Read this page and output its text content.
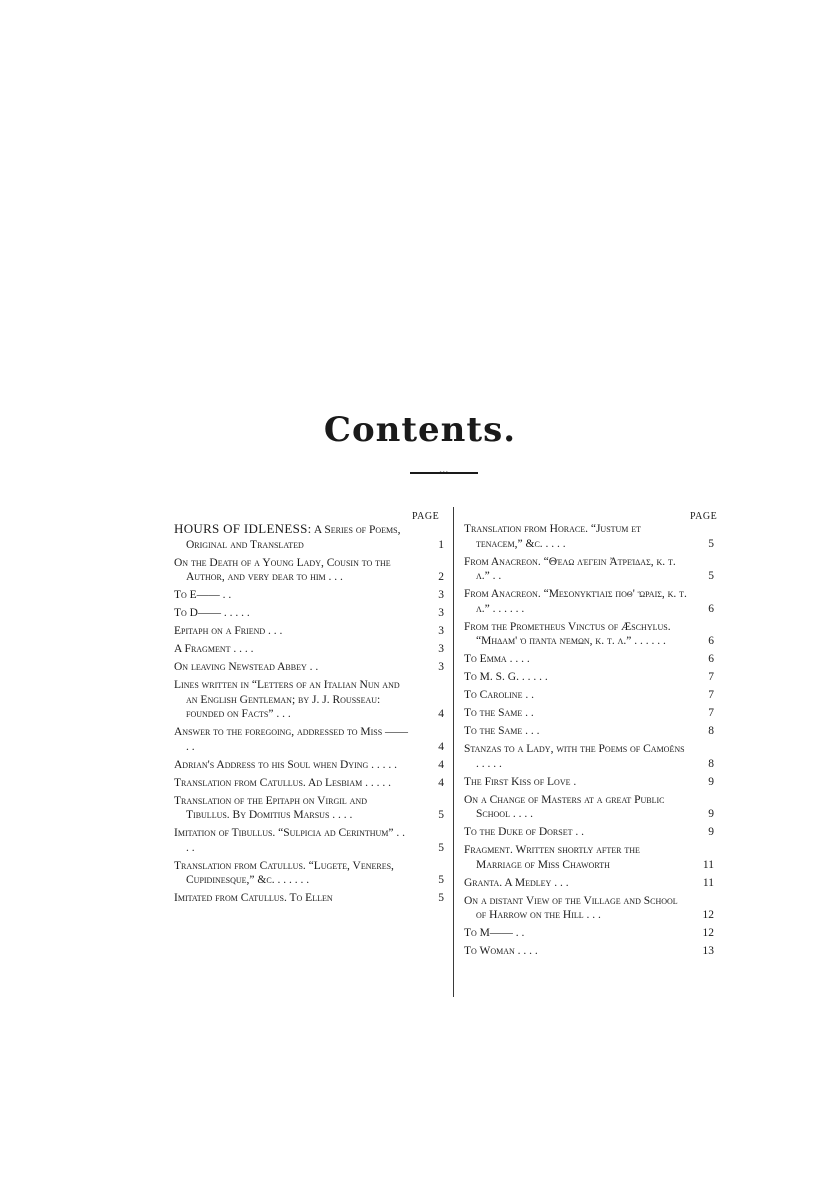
Contents.
•••
PAGE	PAGE
HOURS OF IDLENESS: A Series of Poems, Original and Translated	1
On the Death of a Young Lady, Cousin to the Author, and very dear to him . . .	2
To E—— . .	3
To D—— . . . . .	3
Epitaph on a Friend . . .	3
A Fragment . . . .	3
On leaving Newstead Abbey . .	3
Lines written in “Letters of an Italian Nun and an English Gentleman; by J. J. Rousseau: founded on Facts” . . .	4
Answer to the foregoing, addressed to Miss —— . .	4
Adrian's Address to his Soul when Dying . . . . .	4
Translation from Catullus. Ad Lesbiam . . . . .	4
Translation of the Epitaph on Virgil and Tibullus. By Domitius Marsus . . . .	5
Imitation of Tibullus. “Sulpicia ad Cerinthum” . . . .	5
Translation from Catullus. “Lugete, Veneres, Cupidinesque,” &c. . . . . . .	5
Imitated from Catullus. To Ellen	5
Translation from Horace. “Justum et tenacem,” &c. . . . .	5
From Anacreon. “Θέλω λέγειν Ἀτρείδας, κ. τ. λ.” . .	5
From Anacreon. “Μεσονυκτίαις ποθ' ὥραις, κ. τ. λ.” . . . . . .	6
From the Prometheus Vinctus of Æschylus. “Μηδαμ' ὁ πάντα νέμων, κ. τ. λ.” . . . . . .	6
To Emma . . . .	6
To M. S. G. . . . . .	7
To Caroline . .	7
To the Same . .	7
To the Same . . .	8
Stanzas to a Lady, with the Poems of Camoëns . . . . .	8
The First Kiss of Love .	9
On a Change of Masters at a great Public School . . . .	9
To the Duke of Dorset . .	9
Fragment. Written shortly after the Marriage of Miss Chaworth	11
Granta. A Medley . . .	11
On a distant View of the Village and School of Harrow on the Hill . . .	12
To M—— . .	12
To Woman . . . .	13
